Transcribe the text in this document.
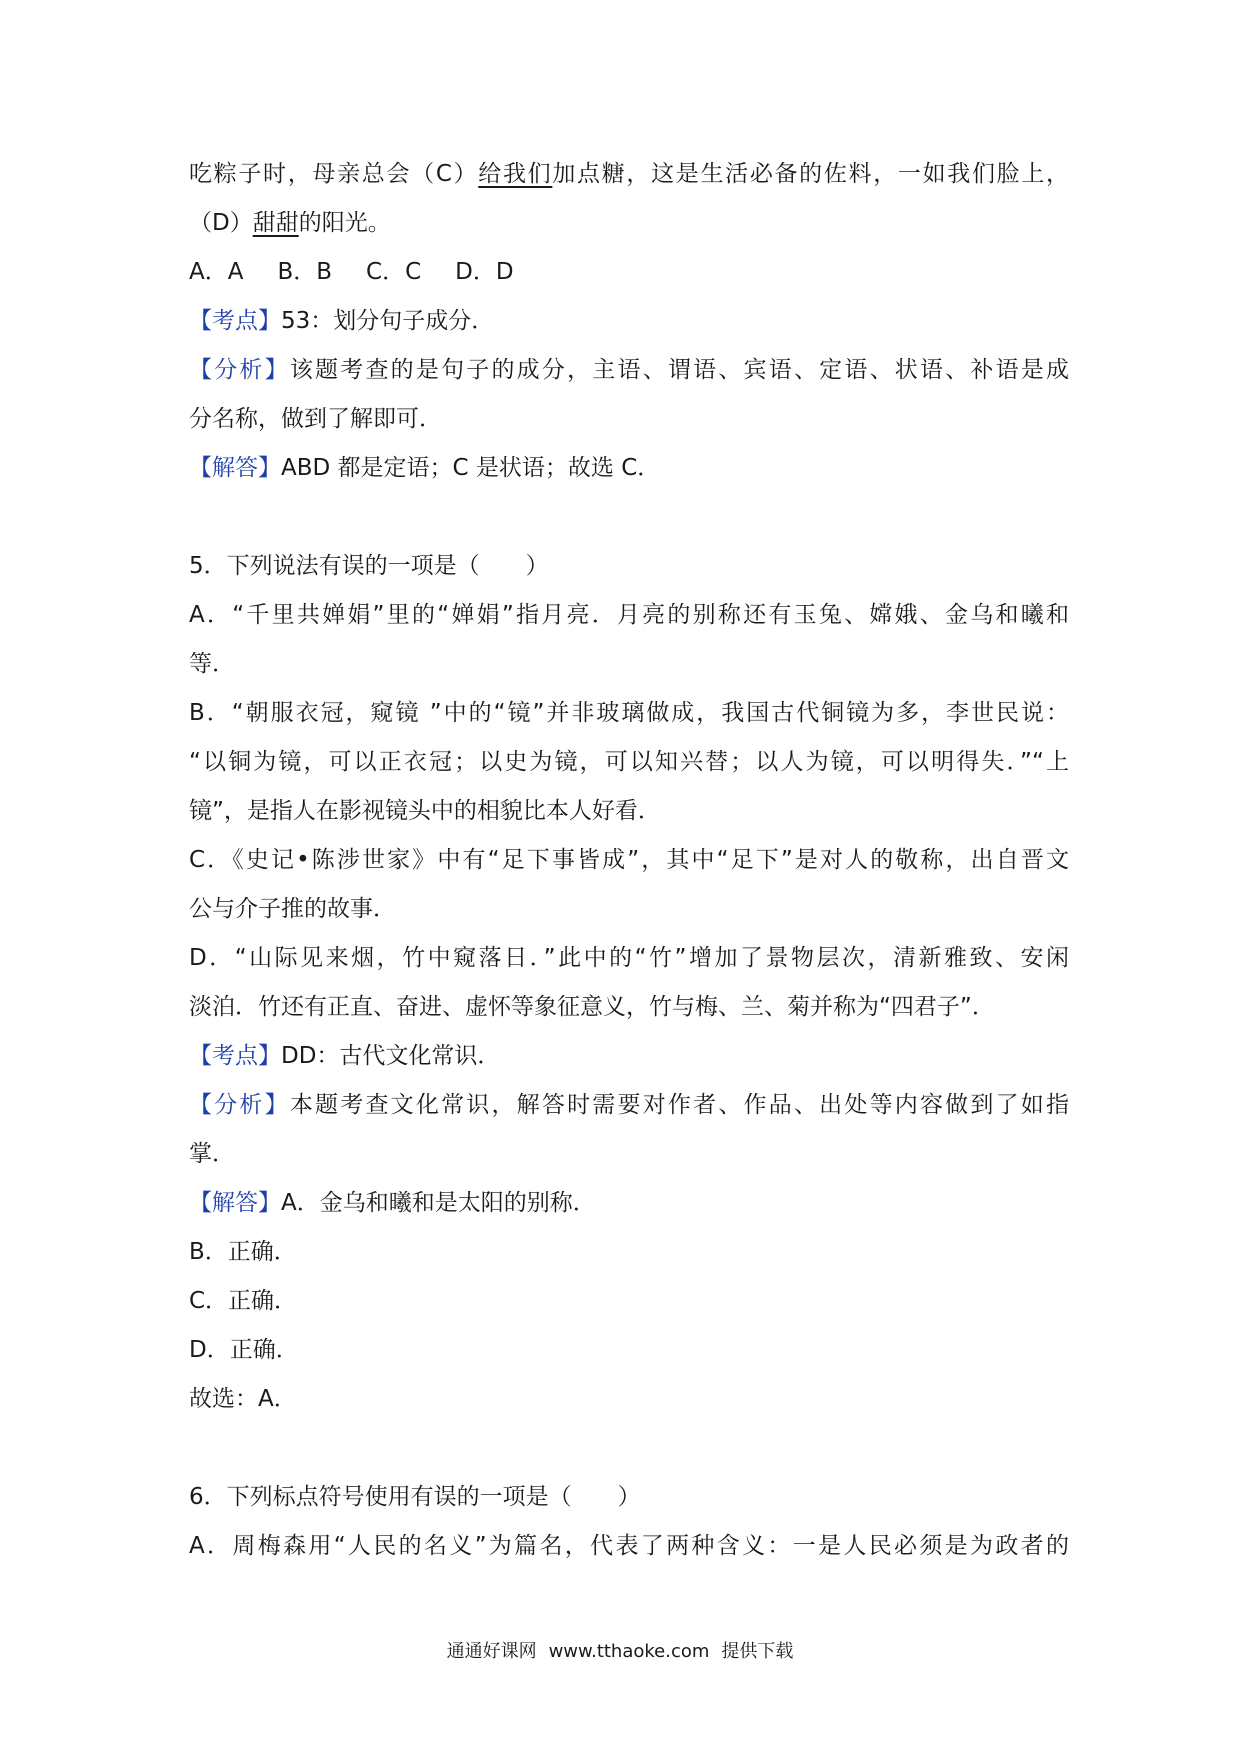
吃粽子时，母亲总会（C）给我们加点糖，这是生活必备的佐料，一如我们脸上，
（D）甜甜的阳光。
A．A B．B C．C D．D
【考点】53：划分句子成分．
【分析】该题考查的是句子的成分，主语、谓语、宾语、定语、状语、补语是成
分名称，做到了解即可．
【解答】ABD 都是定语；C 是状语；故选 C．
5．下列说法有误的一项是（　　）
A．“千里共婵娟”里的“婵娟”指月亮．月亮的别称还有玉兔、嫦娥、金乌和曦和
等．
B．“朝服衣冠，窥镜 ”中的“镜”并非玻璃做成，我国古代铜镜为多，李世民说：
“以铜为镜，可以正衣冠；以史为镜，可以知兴替；以人为镜，可以明得失．”“上
镜”，是指人在影视镜头中的相貌比本人好看．
C．《史记•陈涉世家》中有“足下事皆成”，其中“足下”是对人的敬称，出自晋文
公与介子推的故事．
D．“山际见来烟，竹中窥落日．”此中的“竹”增加了景物层次，清新雅致、安闲
淡泊．竹还有正直、奋进、虚怀等象征意义，竹与梅、兰、菊并称为“四君子”．
【考点】DD：古代文化常识．
【分析】本题考查文化常识，解答时需要对作者、作品、出处等内容做到了如指
掌．
【解答】A．金乌和曦和是太阳的别称．
B．正确．
C．正确．
D．正确．
故选：A．
6．下列标点符号使用有误的一项是（　　）
A．周梅森用“人民的名义”为篇名，代表了两种含义：一是人民必须是为政者的
通通好课网 www.tthaoke.com 提供下载
